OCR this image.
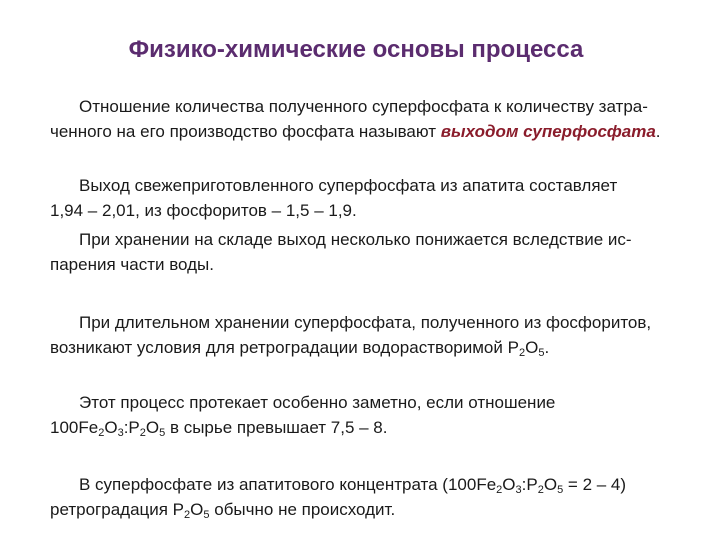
Физико-химические основы процесса
Отношение количества полученного суперфосфата к количеству затра-
ченного на его производство фосфата называют выходом суперфосфата.
Выход свежеприготовленного суперфосфата из апатита составляет
1,94 – 2,01, из фосфоритов – 1,5 – 1,9.
При хранении на складе выход несколько понижается вследствие ис-
парения части воды.
При длительном хранении суперфосфата, полученного из фосфоритов,
возникают условия для ретроградации водорастворимой $P_2O_5$.
Этот процесс протекает особенно заметно, если отношение
$100Fe_2O_3:P_2O_5$ в сырье превышает 7,5 – 8.
В суперфосфате из апатитового концентрата $(100Fe_2O_3:P_2O_5 = 2 - 4)$
ретроградация $P_2O_5$ обычно не происходит.
